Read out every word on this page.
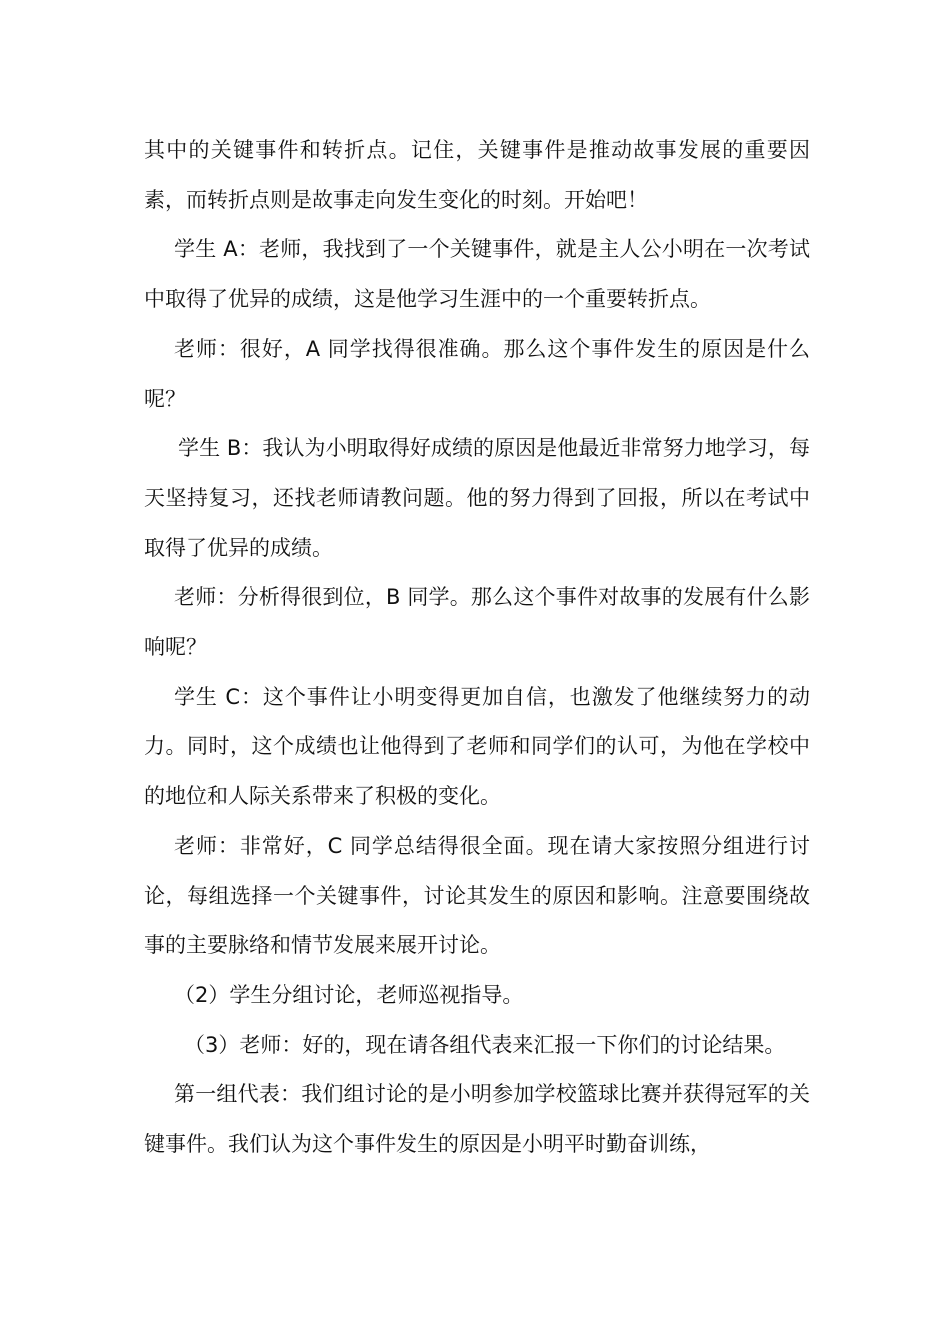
其中的关键事件和转折点。记住，关键事件是推动故事发展的重要因素，而转折点则是故事走向发生变化的时刻。开始吧！

学生 A：老师，我找到了一个关键事件，就是主人公小明在一次考试中取得了优异的成绩，这是他学习生涯中的一个重要转折点。

老师：很好，A 同学找得很准确。那么这个事件发生的原因是什么呢？

学生 B：我认为小明取得好成绩的原因是他最近非常努力地学习，每天坚持复习，还找老师请教问题。他的努力得到了回报，所以在考试中取得了优异的成绩。

老师：分析得很到位，B 同学。那么这个事件对故事的发展有什么影响呢？

学生 C：这个事件让小明变得更加自信，也激发了他继续努力的动力。同时，这个成绩也让他得到了老师和同学们的认可，为他在学校中的地位和人际关系带来了积极的变化。

老师：非常好，C 同学总结得很全面。现在请大家按照分组进行讨论，每组选择一个关键事件，讨论其发生的原因和影响。注意要围绕故事的主要脉络和情节发展来展开讨论。

（2）学生分组讨论，老师巡视指导。

（3）老师：好的，现在请各组代表来汇报一下你们的讨论结果。

第一组代表：我们组讨论的是小明参加学校篮球比赛并获得冠军的关键事件。我们认为这个事件发生的原因是小明平时勤奋训练，
